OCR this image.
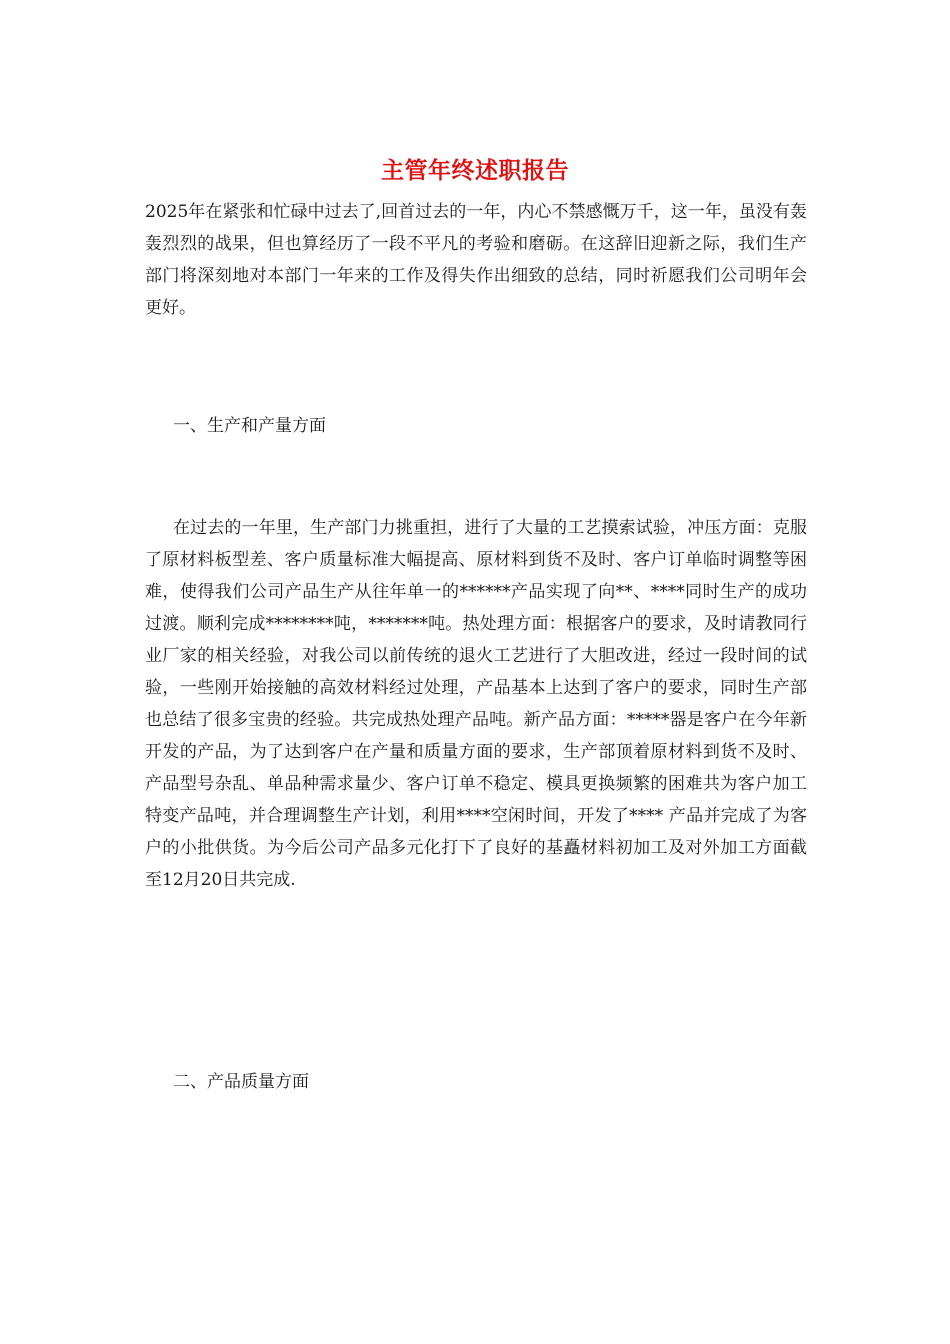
主管年终述职报告

2025年在紧张和忙碌中过去了,回首过去的一年，内心不禁感慨万千，这一年，虽没有轰轰烈烈的战果，但也算经历了一段不平凡的考验和磨砺。在这辞旧迎新之际，我们生产部门将深刻地对本部门一年来的工作及得失作出细致的总结，同时祈愿我们公司明年会更好。

一、生产和产量方面

在过去的一年里，生产部门力挑重担，进行了大量的工艺摸索试验，冲压方面：克服了原材料板型差、客户质量标准大幅提高、原材料到货不及时、客户订单临时调整等困难，使得我们公司产品生产从往年单一的******产品实现了向**、****同时生产的成功过渡。顺利完成********吨，*******吨。热处理方面：根据客户的要求，及时请教同行业厂家的相关经验，对我公司以前传统的退火工艺进行了大胆改进，经过一段时间的试验，一些刚开始接触的高效材料经过处理，产品基本上达到了客户的要求，同时生产部也总结了很多宝贵的经验。共完成热处理产品吨。新产品方面：*****器是客户在今年新开发的产品，为了达到客户在产量和质量方面的要求，生产部顶着原材料到货不及时、产品型号杂乱、单品种需求量少、客户订单不稳定、模具更换频繁的困难共为客户加工特变产品吨，并合理调整生产计划，利用****空闲时间，开发了**** 产品并完成了为客户的小批供货。为今后公司产品多元化打下了良好的基矗材料初加工及对外加工方面截至12月20日共完成.

二、产品质量方面
